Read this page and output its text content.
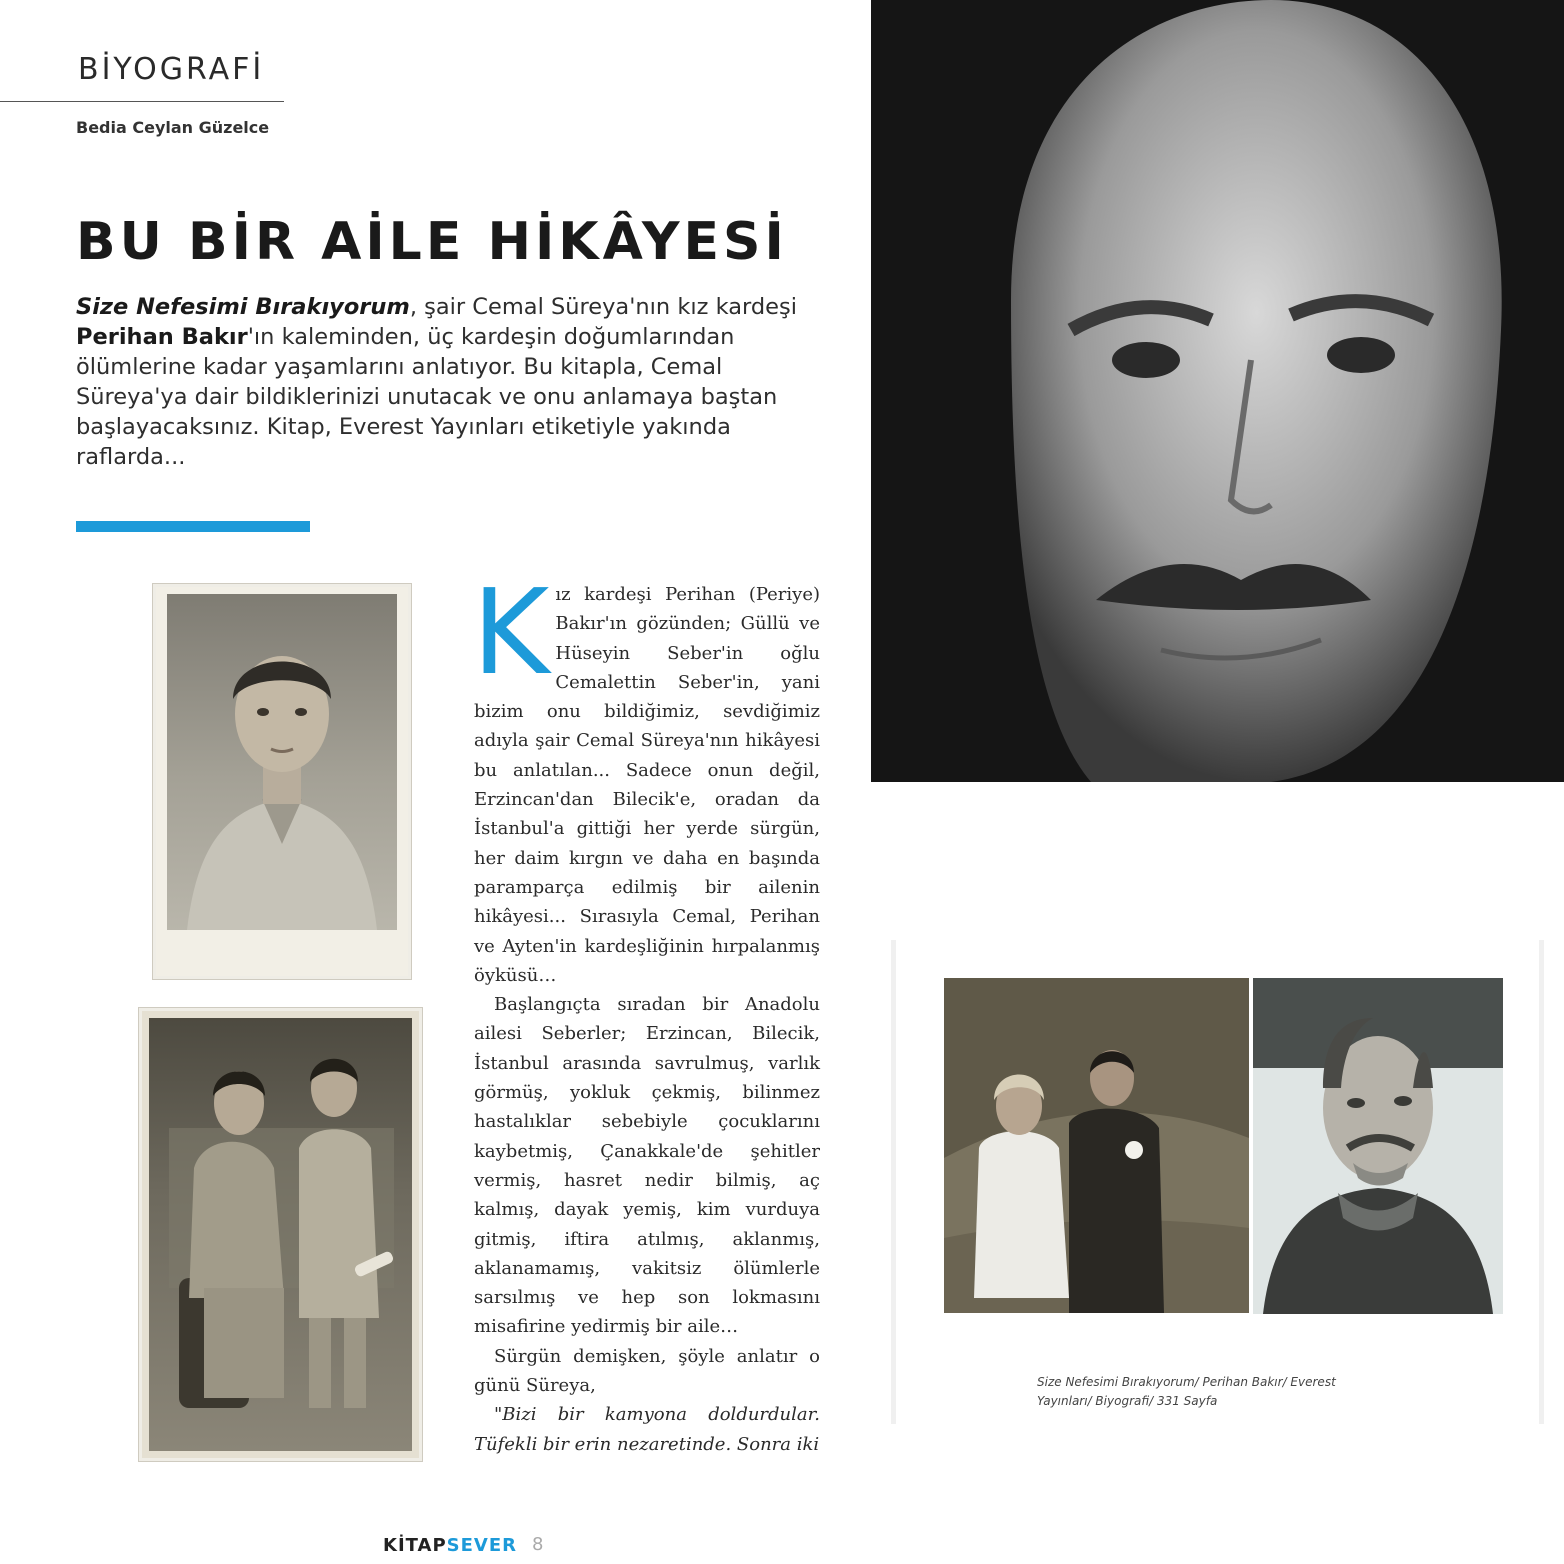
BİYOGRAFİ
Bedia Ceylan Güzelce
BU BİR AİLE HİKÂYESİ
Size Nefesimi Bırakıyorum, şair Cemal Süreya'nın kız kardeşi Perihan Bakır'ın kaleminden, üç kardeşin doğumlarından ölümlerine kadar yaşamlarını anlatıyor. Bu kitapla, Cemal Süreya'ya dair bildiklerinizi unutacak ve onu anlamaya baştan başlayacaksınız. Kitap, Everest Yayınları etiketiyle yakında raflarda...
K ız kardeşi Perihan (Periye) Bakır'ın gözünden; Güllü ve Hüseyin Seber'in oğlu Cemalettin Seber'in, yani bizim onu bildiğimiz, sevdiğimiz adıyla şair Cemal Süreya'nın hikâyesi bu anlatılan... Sadece onun değil, Erzincan'dan Bilecik'e, oradan da İstanbul'a gittiği her yerde sürgün, her daim kırgın ve daha en başında paramparça edilmiş bir ailenin hikâyesi... Sırasıyla Cemal, Perihan ve Ayten'in kardeşliğinin hırpalanmış öyküsü…

Başlangıçta sıradan bir Anadolu ailesi Seberler; Erzincan, Bilecik, İstanbul arasında savrulmuş, varlık görmüş, yokluk çekmiş, bilinmez hastalıklar sebebiyle çocuklarını kaybetmiş, Çanakkale'de şehitler vermiş, hasret nedir bilmiş, aç kalmış, dayak yemiş, kim vurduya gitmiş, iftira atılmış, aklanmış, aklanamamış, vakitsiz ölümlerle sarsılmış ve hep son lokmasını misafirine yedirmiş bir aile…

Sürgün demişken, şöyle anlatır o günü Süreya,

"Bizi bir kamyona doldurdular. Tüfekli bir erin nezaretinde. Sonra iki

Size Nefesimi Bırakıyorum/ Perihan Bakır/ Everest Yayınları/ Biyografi/ 331 Sayfa
KİTAPSEVER 8
